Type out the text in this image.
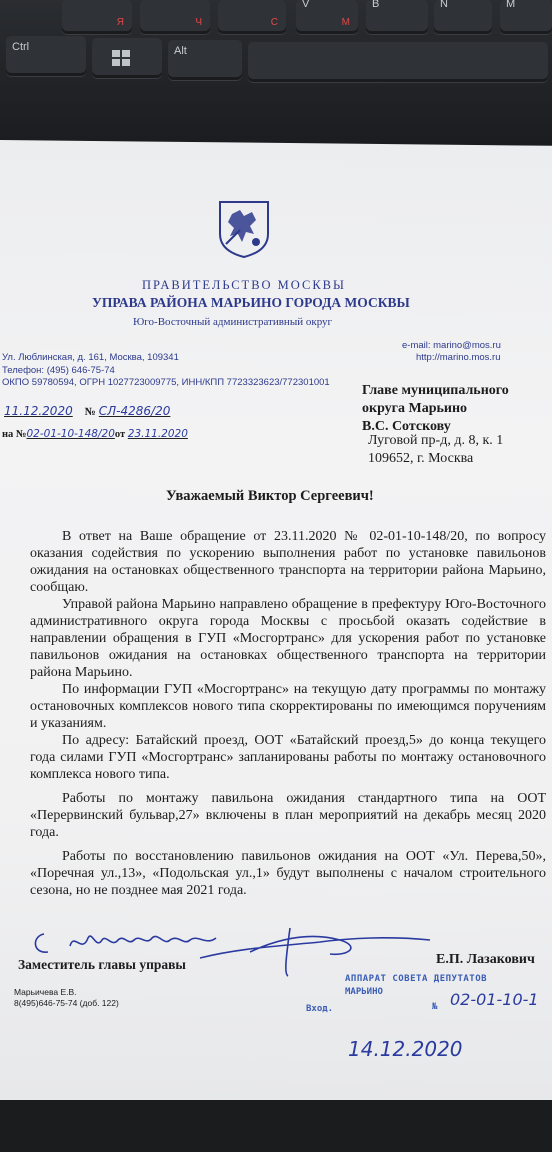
Я	Ч	С
V
M
B	N	M
Ctrl	Alt
ПРАВИТЕЛЬСТВО МОСКВЫ
УПРАВА РАЙОНА МАРЬИНО ГОРОДА МОСКВЫ
Юго-Восточный административный округ
Ул. Люблинская, д. 161, Москва, 109341
Телефон: (495) 646-75-74
ОКПО 59780594, ОГРН 1027723009775, ИНН/КПП 7723323623/772301001
e-mail: marino@mos.ru
http://marino.mos.ru
11.12.2020 № СЛ-4286/20
на №02-01-10-148/20от 23.11.2020
Главе муниципального
округа Марьино
В.С. Сотскову
Луговой пр-д, д. 8, к. 1
109652, г. Москва
Уважаемый Виктор Сергеевич!

В ответ на Ваше обращение от 23.11.2020 № 02-01-10-148/20, по вопросу оказания содействия по ускорению выполнения работ по установке павильонов ожидания на остановках общественного транспорта на территории района Марьино, сообщаю.

Управой района Марьино направлено обращение в префектуру Юго-Восточного административного округа города Москвы с просьбой оказать содействие в направлении обращения в ГУП «Мосгортранс» для ускорения работ по установке павильонов ожидания на остановках общественного транспорта на территории района Марьино.

По информации ГУП «Мосгортранс» на текущую дату программы по монтажу остановочных комплексов нового типа скорректированы по имеющимся поручениям и указаниям.

По адресу: Батайский проезд, ООТ «Батайский проезд,5» до конца текущего года силами ГУП «Мосгортранс» запланированы работы по монтажу остановочного комплекса нового типа.

Работы по монтажу павильона ожидания стандартного типа на ООТ «Перервинский бульвар,27» включены в план мероприятий на декабрь месяц 2020 года.

Работы по восстановлению павильонов ожидания на ООТ «Ул. Перева,50», «Поречная ул.,13», «Подольская ул.,1» будут выполнены с началом строительного сезона, но не позднее мая 2021 года.

Заместитель главы управы	Е.П. Лазакович
Марьичева Е.В.
8(495)646-75-74 (доб. 122)
АППАРАТ СОВЕТА ДЕПУТАТОВ
МАРЬИНО
Вход.	№ 02-01-10-1
14.12.2020
